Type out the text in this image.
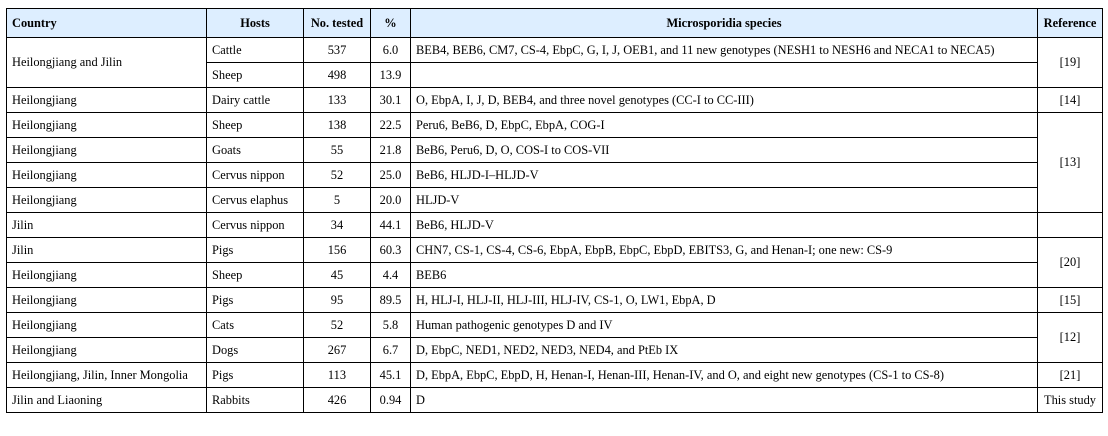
Country	Hosts	No. tested	%	Microsporidia species	Reference	
Heilongjiang and Jilin	Cattle	537	6.0	BEB4, BEB6, CM7, CS-4, EbpC, G, I, J, OEB1, and 11 new genotypes (NESH1 to NESH6 and NECA1 to NECA5)	[19]	
	Sheep	498	13.9			
Heilongjiang	Dairy cattle	133	30.1	O, EbpA, I, J, D, BEB4, and three novel genotypes (CC-I to CC-III)	[14]	
Heilongjiang	Sheep	138	22.5	Peru6, BeB6, D, EbpC, EbpA, COG-I	[13]	
Heilongjiang	Goats	55	21.8	BeB6, Peru6, D, O, COS-I to COS-VII		
Heilongjiang	Cervus nippon	52	25.0	BeB6, HLJD-I–HLJD-V		
Heilongjiang	Cervus elaphus	5	20.0	HLJD-V	
Jilin	Cervus nippon	34	44.1	BeB6, HLJD-V		
Jilin	Pigs	156	60.3	CHN7, CS-1, CS-4, CS-6, EbpA, EbpB, EbpC, EbpD, EBITS3, G, and Henan-I; one new: CS-9	[20]	
Heilongjiang	Sheep	45	4.4	BEB6		
Heilongjiang	Pigs	95	89.5	H, HLJ-I, HLJ-II, HLJ-III, HLJ-IV, CS-1, O, LW1, EbpA, D	[15]	
Heilongjiang	Cats	52	5.8	Human pathogenic genotypes D and IV	[12]	
Heilongjiang	Dogs	267	6.7	D, EbpC, NED1, NED2, NED3, NED4, and PtEb IX		
Heilongjiang, Jilin, Inner Mongolia	Pigs	113	45.1	D, EbpA, EbpC, EbpD, H, Henan-I, Henan-III, Henan-IV, and O, and eight new genotypes (CS-1 to CS-8)	[21]	
Jilin and Liaoning	Rabbits	426	0.94	D	This study	
